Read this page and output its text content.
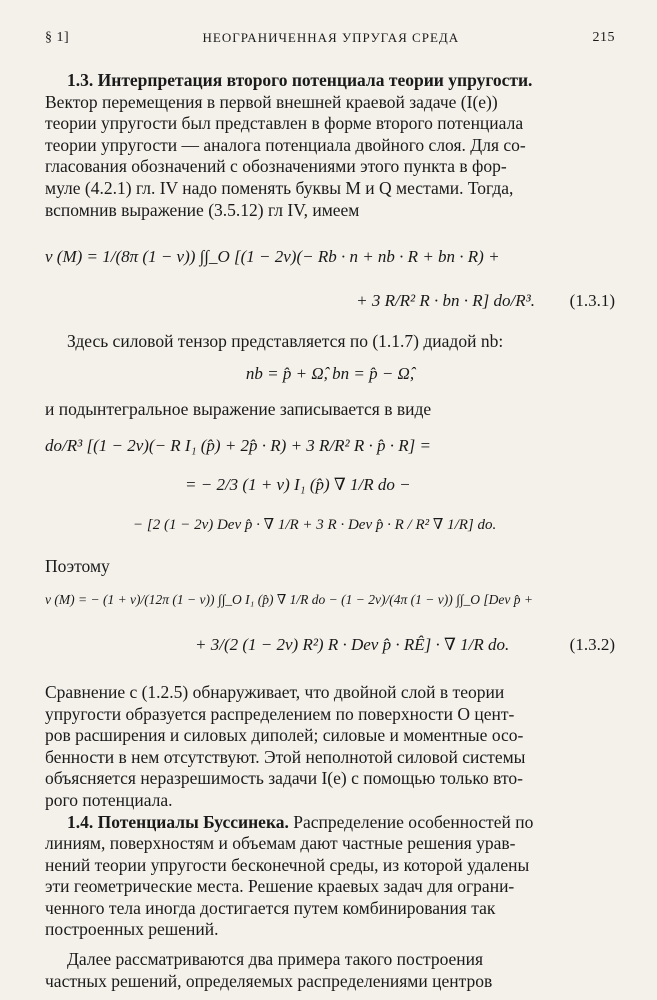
§ 1]	НЕОГРАНИЧЕННАЯ УПРУГАЯ СРЕДА	215

1.3. Интерпретация второго потенциала теории упругости.

Вектор перемещения в первой внешней краевой задаче (I(e))

теории упругости был представлен в форме второго потенциала

теории упругости — аналога потенциала двойного слоя. Для со-

гласования обозначений с обозначениями этого пункта в фор-

муле (4.2.1) гл. IV надо поменять буквы M и Q местами. Тогда,

вспомнив выражение (3.5.12) гл IV, имеем

v (M) = 1/(8π (1 − ν)) ∫∫_O [(1 − 2ν)(− Rb · n + nb · R + bn · R) +
+ 3 R/R² R · bn · R] do/R³. (1.3.1)

Здесь силовой тензор представляется по (1.1.7) диадой nb:

nb = p̂ + Ω̂, bn = p̂ − Ω̂,

и подынтегральное выражение записывается в виде

do/R³ [(1 − 2ν)(− R I₁ (p̂) + 2p̂ · R) + 3 R/R² R · p̂ · R] =
= − 2/3 (1 + ν) I₁ (p̂) ∇ 1/R do −
− [2 (1 − 2ν) Dev p̂ · ∇ 1/R + 3 R · Dev p̂ · R / R² ∇ 1/R] do.

Поэтому

v (M) = − (1 + ν)/(12π (1 − ν)) ∫∫_O I₁ (p̂) ∇ 1/R do − (1 − 2ν)/(4π (1 − ν)) ∫∫_O [Dev p̂ +
+ 3/(2 (1 − 2ν) R²) R · Dev p̂ · RÊ] · ∇ 1/R do.	(1.3.2)

Сравнение с (1.2.5) обнаруживает, что двойной слой в теории

упругости образуется распределением по поверхности O цент-

ров расширения и силовых диполей; силовые и моментные осо-

бенности в нем отсутствуют. Этой неполнотой силовой системы

объясняется неразрешимость задачи I(e) с помощью только вто-

рого потенциала.

1.4. Потенциалы Буссинека. Распределение особенностей по

линиям, поверхностям и объемам дают частные решения урав-

нений теории упругости бесконечной среды, из которой удалены

эти геометрические места. Решение краевых задач для ограни-

ченного тела иногда достигается путем комбинирования так

построенных решений.

Далее рассматриваются два примера такого построения

частных решений, определяемых распределениями центров
